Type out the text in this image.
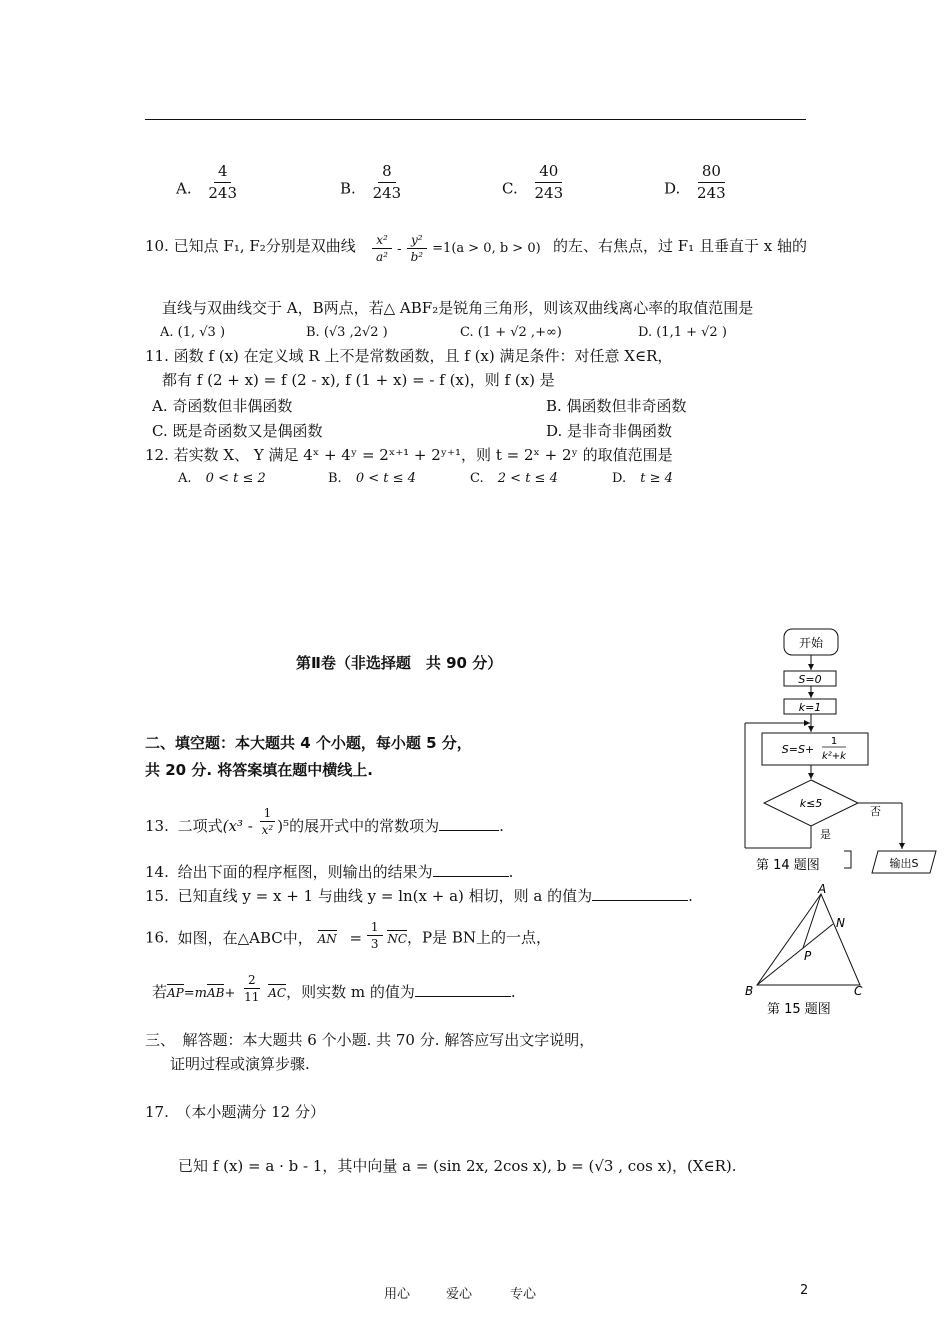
A. $\frac{4}{243}$	B. $\frac{8}{243}$	C. $\frac{40}{243}$	D. $\frac{80}{243}$
10. 已知点 F₁, F₂分别是双曲线 $\frac{\text{x²}}{\text{a²}} - \frac{\text{y²}}{\text{b²}} =1(a > 0$, b > 0) 的左、右焦点，过 F₁ 且垂直于 x 轴的
直线与双曲线交于 A，B两点，若△ ABF₂是锐角三角形，则该双曲线离心率的取值范围是
A. (1, √3 )	B. (√3 ,2√2 )	C. (1 + √2 ,+∞)	D. (1,1 + √2 )
11. 函数 f (x) 在定义域 R 上不是常数函数，且 f (x) 满足条件：对任意 X∈R，
都有 f (2 + x) = f (2 - x), f (1 + x) = - f (x)，则 f (x) 是
A. 奇函数但非偶函数	B. 偶函数但非奇函数
C. 既是奇函数又是偶函数	D. 是非奇非偶函数
12. 若实数 X、 Y 满足 4ˣ + 4ʸ = 2ˣ⁺¹ + 2ʸ⁺¹，则 t = 2ˣ + 2ʸ 的取值范围是
A. 0 < t ≤ 2	B. 0 < t ≤ 4	C. 2 < t ≤ 4	D. t ≥ 4
第Ⅱ卷（非选择题　共 90 分）
二、填空题：本大题共 4 个小题，每小题 5 分，
共 20 分. 将答案填在题中横线上.
13. 二项式$(x^3 - \frac{1}{\text{x²}} )^5$的展开式中的常数项为	.
14. 给出下面的程序框图，则输出的结果为	.
15. 已知直线 y = x + 1 与曲线 y = ln(x + a) 相切，则 a 的值为	.
16. 如图，在△ABC中， AN = $\frac{1}{3}$ NC，P是 BN上的一点，
若$AP=mAB+ \frac{2}{11}$ AC，则实数 m 的值为	.
三、　解答题：本大题共 6 个小题. 共 70 分. 解答应写出文字说明，
证明过程或演算步骤.
17.　（本小题满分 12 分）
已知 f (x) = a · b - 1，其中向量 a = (sin 2x, 2cos x), b = (√3 , cos x)，(X∈R).
开始
S=0
k=1
S=S+
1
k²+k
k≤5
否
是
输出S
第 14 题图
A
B	C
N
P
第 15 题图
用心	爱心	专心	2
